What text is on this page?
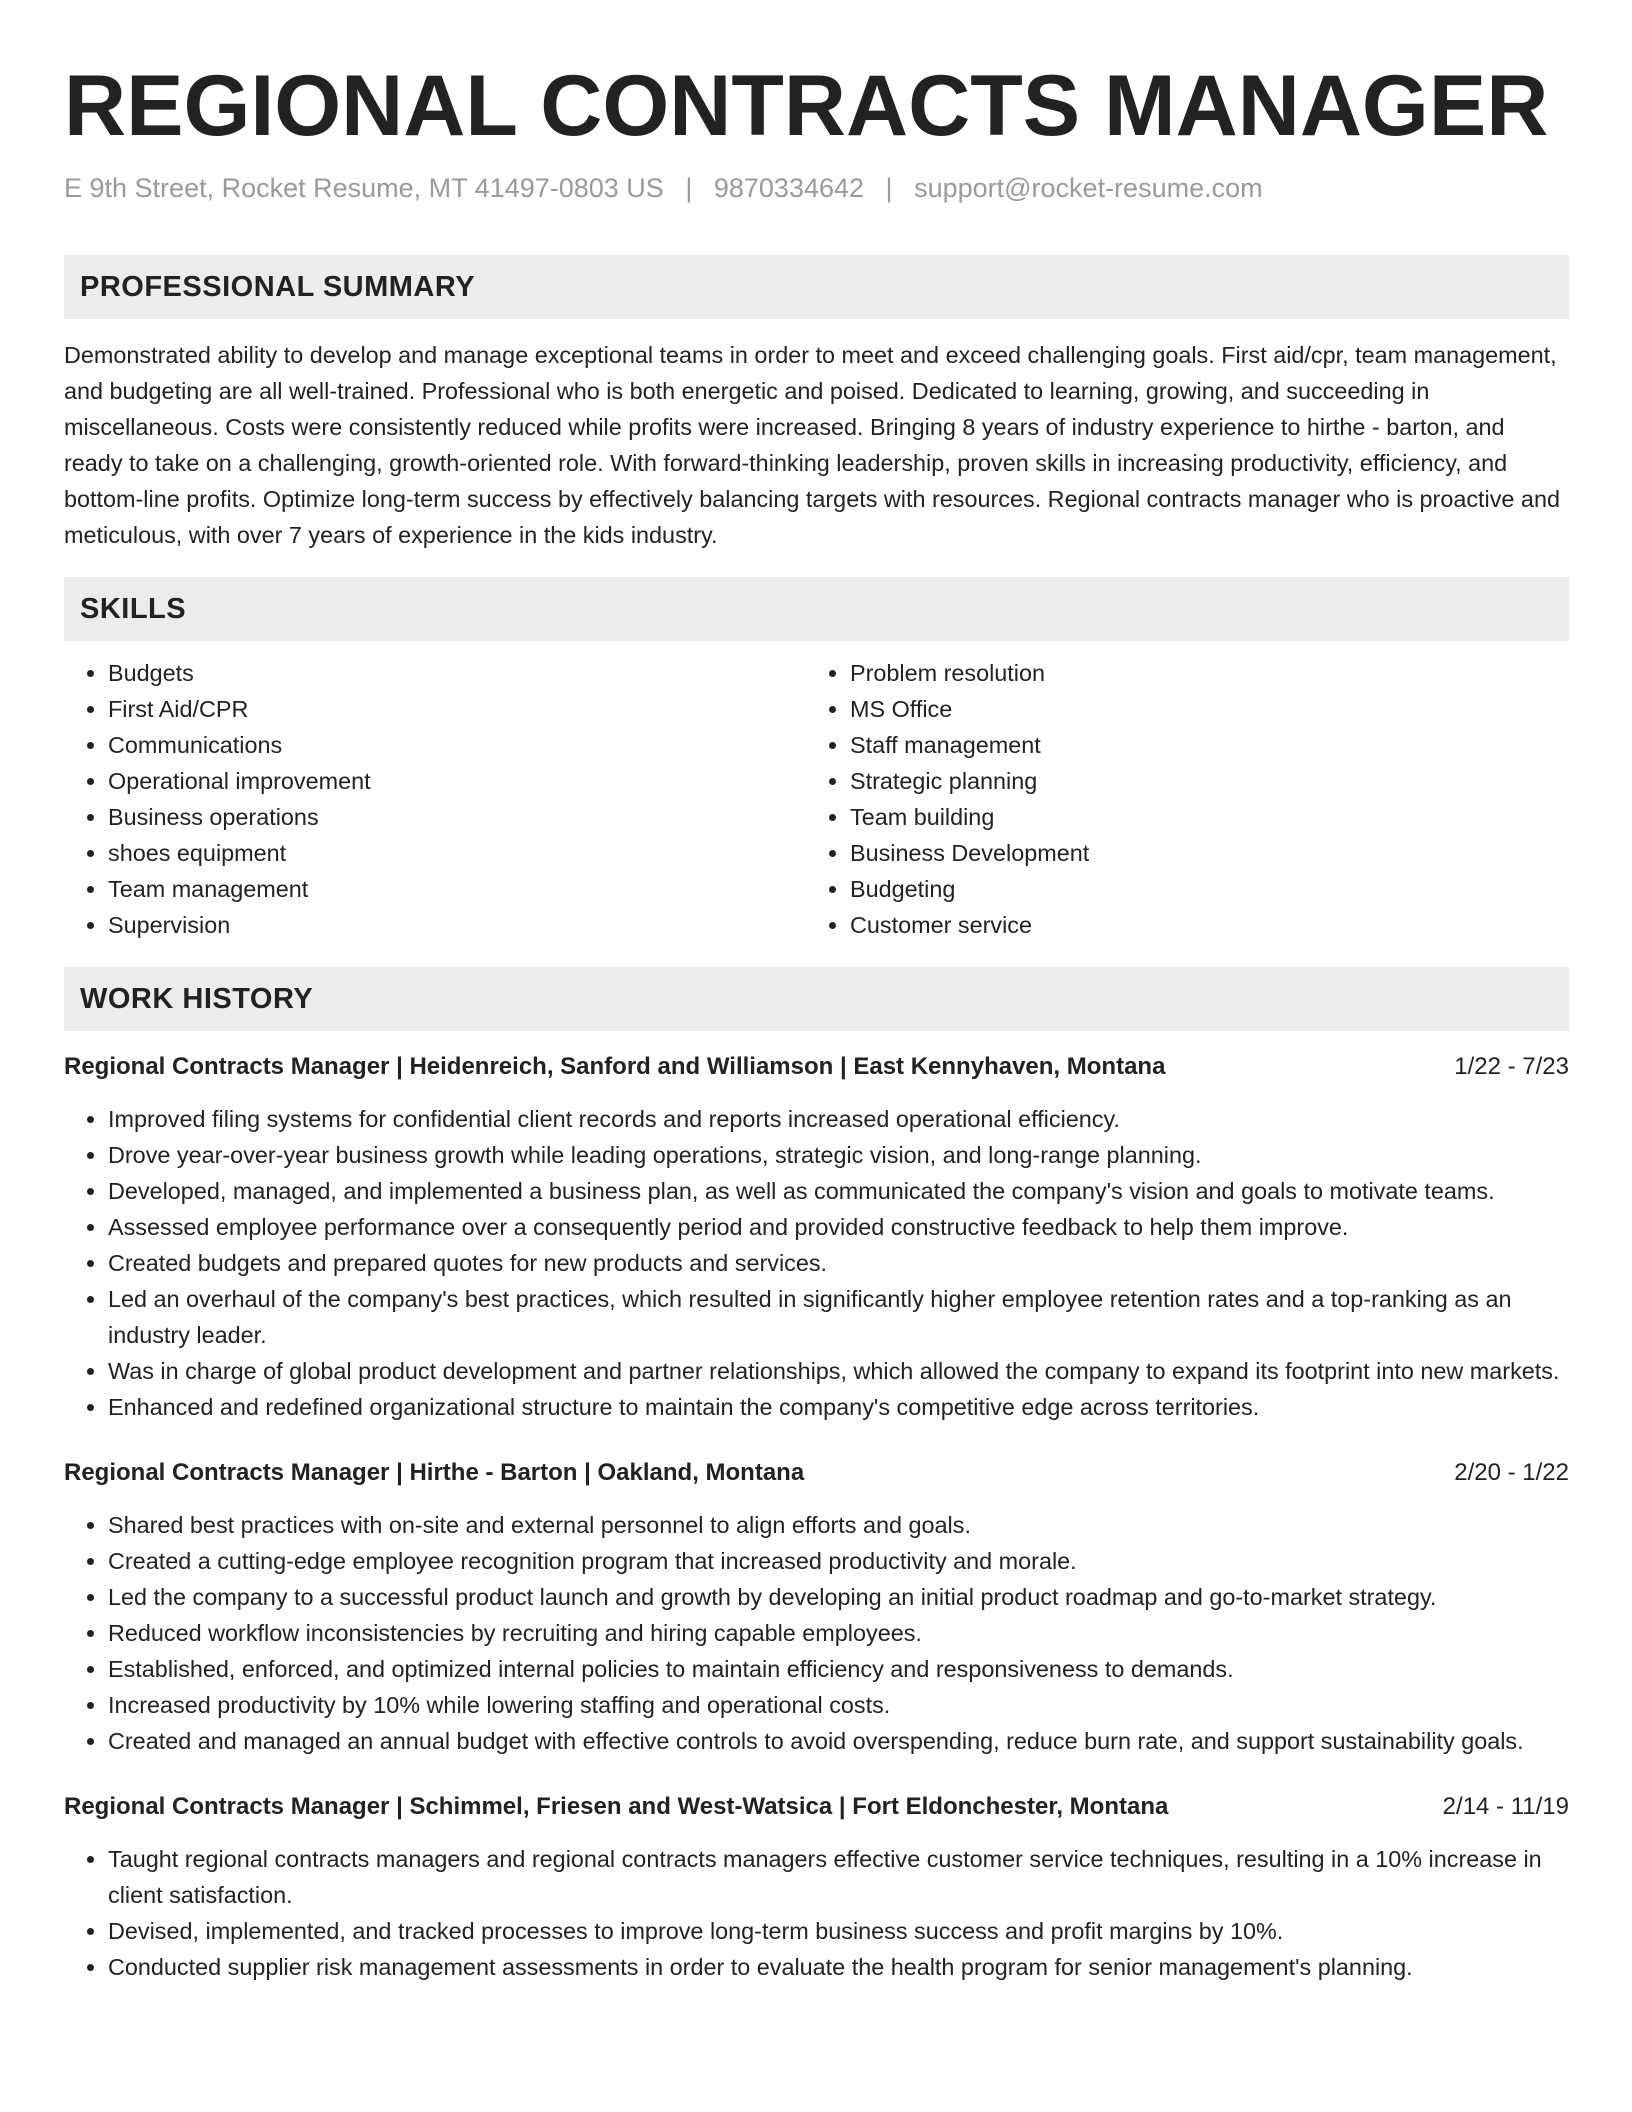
REGIONAL CONTRACTS MANAGER
E 9th Street, Rocket Resume, MT 41497-0803 US | 9870334642 | support@rocket-resume.com
PROFESSIONAL SUMMARY

Demonstrated ability to develop and manage exceptional teams in order to meet and exceed challenging goals. First aid/cpr, team management, and budgeting are all well-trained. Professional who is both energetic and poised. Dedicated to learning, growing, and succeeding in miscellaneous. Costs were consistently reduced while profits were increased. Bringing 8 years of industry experience to hirthe - barton, and ready to take on a challenging, growth-oriented role. With forward-thinking leadership, proven skills in increasing productivity, efficiency, and bottom-line profits. Optimize long-term success by effectively balancing targets with resources. Regional contracts manager who is proactive and meticulous, with over 7 years of experience in the kids industry.

SKILLS
• Budgets
• First Aid/CPR
• Communications
• Operational improvement
• Business operations
• shoes equipment
• Team management
• Supervision
• Problem resolution
• MS Office
• Staff management
• Strategic planning
• Team building
• Business Development
• Budgeting
• Customer service
WORK HISTORY
Regional Contracts Manager | Heidenreich, Sanford and Williamson | East Kennyhaven, Montana	1/22 - 7/23
• Improved filing systems for confidential client records and reports increased operational efficiency.
• Drove year-over-year business growth while leading operations, strategic vision, and long-range planning.
• Developed, managed, and implemented a business plan, as well as communicated the company's vision and goals to motivate teams.
• Assessed employee performance over a consequently period and provided constructive feedback to help them improve.
• Created budgets and prepared quotes for new products and services.
• Led an overhaul of the company's best practices, which resulted in significantly higher employee retention rates and a top-ranking as an industry leader.
• Was in charge of global product development and partner relationships, which allowed the company to expand its footprint into new markets.
• Enhanced and redefined organizational structure to maintain the company's competitive edge across territories.
Regional Contracts Manager | Hirthe - Barton | Oakland, Montana	2/20 - 1/22
• Shared best practices with on-site and external personnel to align efforts and goals.
• Created a cutting-edge employee recognition program that increased productivity and morale.
• Led the company to a successful product launch and growth by developing an initial product roadmap and go-to-market strategy.
• Reduced workflow inconsistencies by recruiting and hiring capable employees.
• Established, enforced, and optimized internal policies to maintain efficiency and responsiveness to demands.
• Increased productivity by 10% while lowering staffing and operational costs.
• Created and managed an annual budget with effective controls to avoid overspending, reduce burn rate, and support sustainability goals.
Regional Contracts Manager | Schimmel, Friesen and West-Watsica | Fort Eldonchester, Montana	2/14 - 11/19
• Taught regional contracts managers and regional contracts managers effective customer service techniques, resulting in a 10% increase in client satisfaction.
• Devised, implemented, and tracked processes to improve long-term business success and profit margins by 10%.
• Conducted supplier risk management assessments in order to evaluate the health program for senior management's planning.
